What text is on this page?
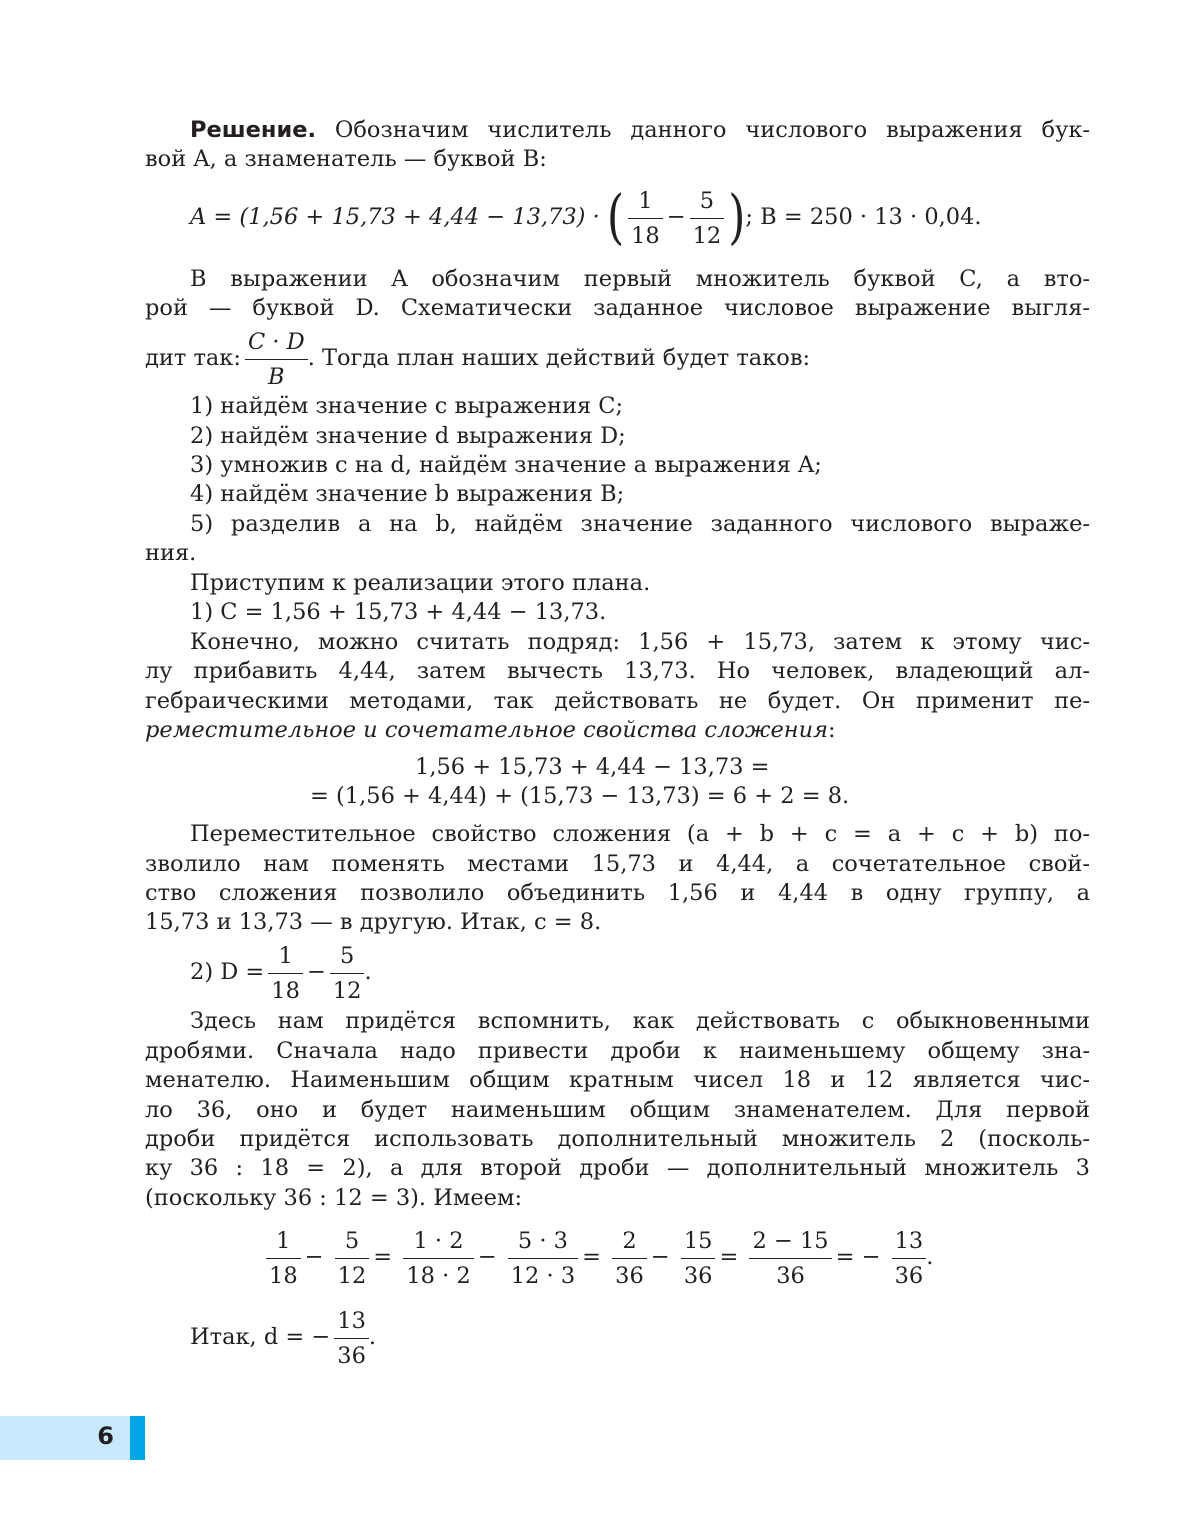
Решение. Обозначим числитель данного числового выражения бук-
вой A, а знаменатель — буквой B:
A = (1,56 + 15,73 + 4,44 − 13,73) · ( 1
18
−
5
12 ); B = 250 · 13 · 0,04.
В выражении A обозначим первый множитель буквой C, а вто-
рой — буквой D. Схематически заданное числовое выражение выгля-
дит так:
C · D
B
. Тогда план наших действий будет таков:
1) найдём значение c выражения C;
2) найдём значение d выражения D;
3) умножив c на d, найдём значение a выражения A;
4) найдём значение b выражения B;
5) разделив a на b, найдём значение заданного числового выраже-
ния.
Приступим к реализации этого плана.
1) C = 1,56 + 15,73 + 4,44 − 13,73.
Конечно, можно считать подряд: 1,56 + 15,73, затем к этому чис-
лу прибавить 4,44, затем вычесть 13,73. Но человек, владеющий ал-
гебраическими методами, так действовать не будет. Он применит пе-
реместительное и сочетательное свойства сложения:
1,56 + 15,73 + 4,44 − 13,73 =
= (1,56 + 4,44) + (15,73 − 13,73) = 6 + 2 = 8.
Переместительное свойство сложения (a + b + c = a + c + b) по-
зволило нам поменять местами 15,73 и 4,44, а сочетательное свой-
ство сложения позволило объединить 1,56 и 4,44 в одну группу, а
15,73 и 13,73 — в другую. Итак, c = 8.
2) D =
1
18
−
5
12
.
Здесь нам придётся вспомнить, как действовать с обыкновенными
дробями. Сначала надо привести дроби к наименьшему общему зна-
менателю. Наименьшим общим кратным чисел 18 и 12 является чис-
ло 36, оно и будет наименьшим общим знаменателем. Для первой
дроби придётся использовать дополнительный множитель 2 (посколь-
ку 36 : 18 = 2), а для второй дроби — дополнительный множитель 3
(поскольку 36 : 12 = 3). Имеем:
1
18
−
5
12
=
1 · 2
18 · 2
−
5 · 3
12 · 3
=
2
36
−
15
36
=
2 − 15
36
= −
13
36
.
Итак, d = −
13
36
.
6
